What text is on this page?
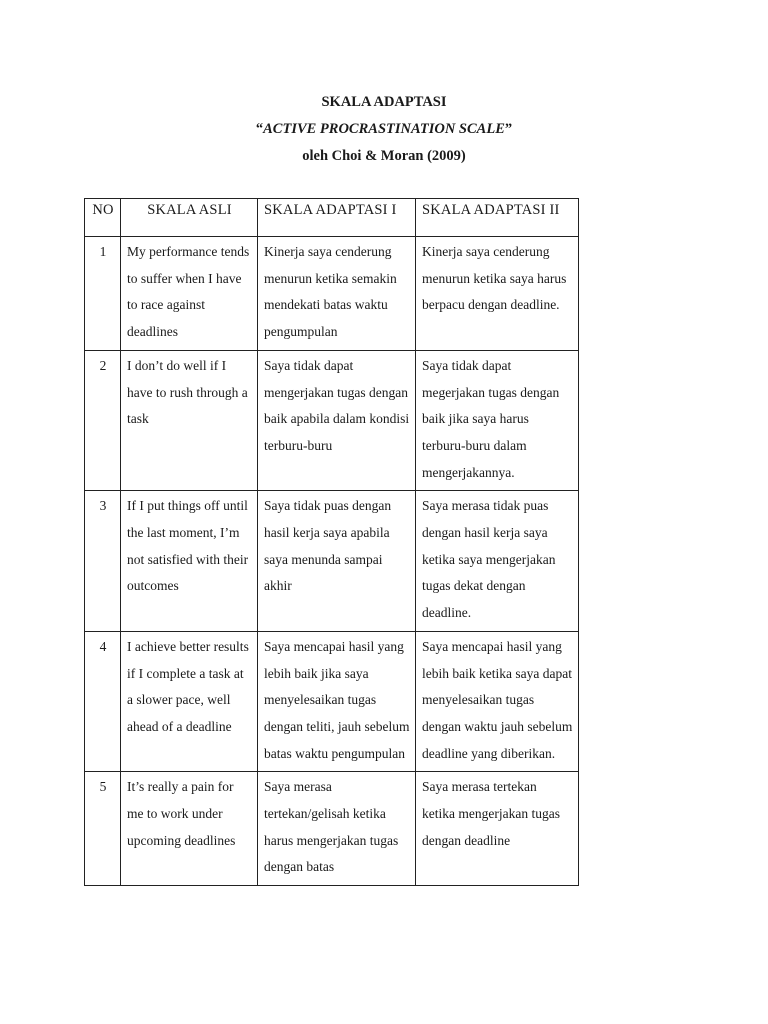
SKALA ADAPTASI
“ACTIVE PROCRASTINATION SCALE”
oleh Choi & Moran (2009)
NO	SKALA ASLI	SKALA ADAPTASI I	SKALA ADAPTASI II
1	My performance tends to suffer when I have to race against deadlines	Kinerja saya cenderung menurun ketika semakin mendekati batas waktu pengumpulan	Kinerja saya cenderung menurun ketika saya harus berpacu dengan deadline.
2	I don’t do well if I have to rush through a task	Saya tidak dapat mengerjakan tugas dengan baik apabila dalam kondisi terburu-buru	Saya tidak dapat megerjakan tugas dengan baik jika saya harus terburu-buru dalam mengerjakannya.
3	If I put things off until the last moment, I’m not satisfied with their outcomes	Saya tidak puas dengan hasil kerja saya apabila saya menunda sampai akhir	Saya merasa tidak puas dengan hasil kerja saya ketika saya mengerjakan tugas dekat dengan deadline.
4	I achieve better results if I complete a task at a slower pace, well ahead of a deadline	Saya mencapai hasil yang lebih baik jika saya menyelesaikan tugas dengan teliti, jauh sebelum batas waktu pengumpulan	Saya mencapai hasil yang lebih baik ketika saya dapat menyelesaikan tugas dengan waktu jauh sebelum deadline yang diberikan.
5	It’s really a pain for me to work under upcoming deadlines	Saya merasa tertekan/gelisah ketika harus mengerjakan tugas dengan batas	Saya merasa tertekan ketika mengerjakan tugas dengan deadline
